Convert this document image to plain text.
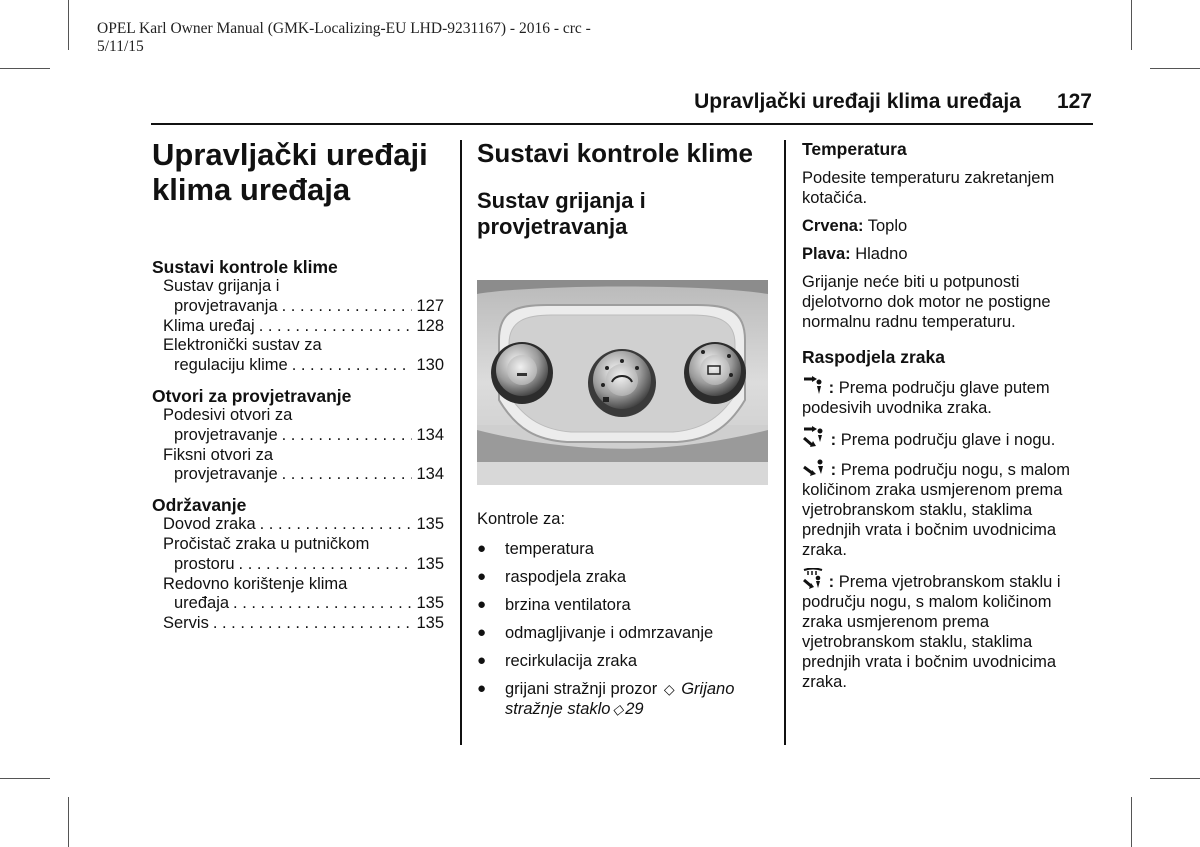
OPEL Karl Owner Manual (GMK-Localizing-EU LHD-9231167) - 2016 - crc -
5/11/15
Upravljački uređaji klima uređaja 127
Upravljački uređaji
klima uređaja
Sustavi kontrole klime
Sustav grijanja i
provjetravanja . . .	127
Klima uređaj . . .	128
Elektronički sustav za
regulaciju klime . . .	130
Otvori za provjetravanje
Podesivi otvori za
provjetravanje . . .	134
Fiksni otvori za
provjetravanje . . .	134
Održavanje
Dovod zraka . . .	135
Pročistač zraka u putničkom
prostoru . . .	135
Redovno korištenje klima
uređaja . . .	135
Servis . . .	135
Sustavi kontrole klime
Sustav grijanja i
provjetravanja
Kontrole za:
●	temperatura
●	raspodjela zraka
●	brzina ventilatora
●	odmagljivanje i odmrzavanje
●	recirkulacija zraka
●	grijani stražnji prozor ◇ Grijano
stražnje staklo ◇ 29
Temperatura

Podesite temperaturu zakretanjem kotačića.

Crvena: Toplo

Plava: Hladno

Grijanje neće biti u potpunosti djelotvorno dok motor ne postigne normalnu radnu temperaturu.

Raspodjela zraka

: Prema području glave putem podesivih uvodnika zraka.

: Prema području glave i nogu.

: Prema području nogu, s malom količinom zraka usmjerenom prema vjetrobranskom staklu, staklima prednjih vrata i bočnim uvodnicima zraka.

: Prema vjetrobranskom staklu i području nogu, s malom količinom zraka usmjerenom prema vjetrobranskom staklu, staklima prednjih vrata i bočnim uvodnicima zraka.
